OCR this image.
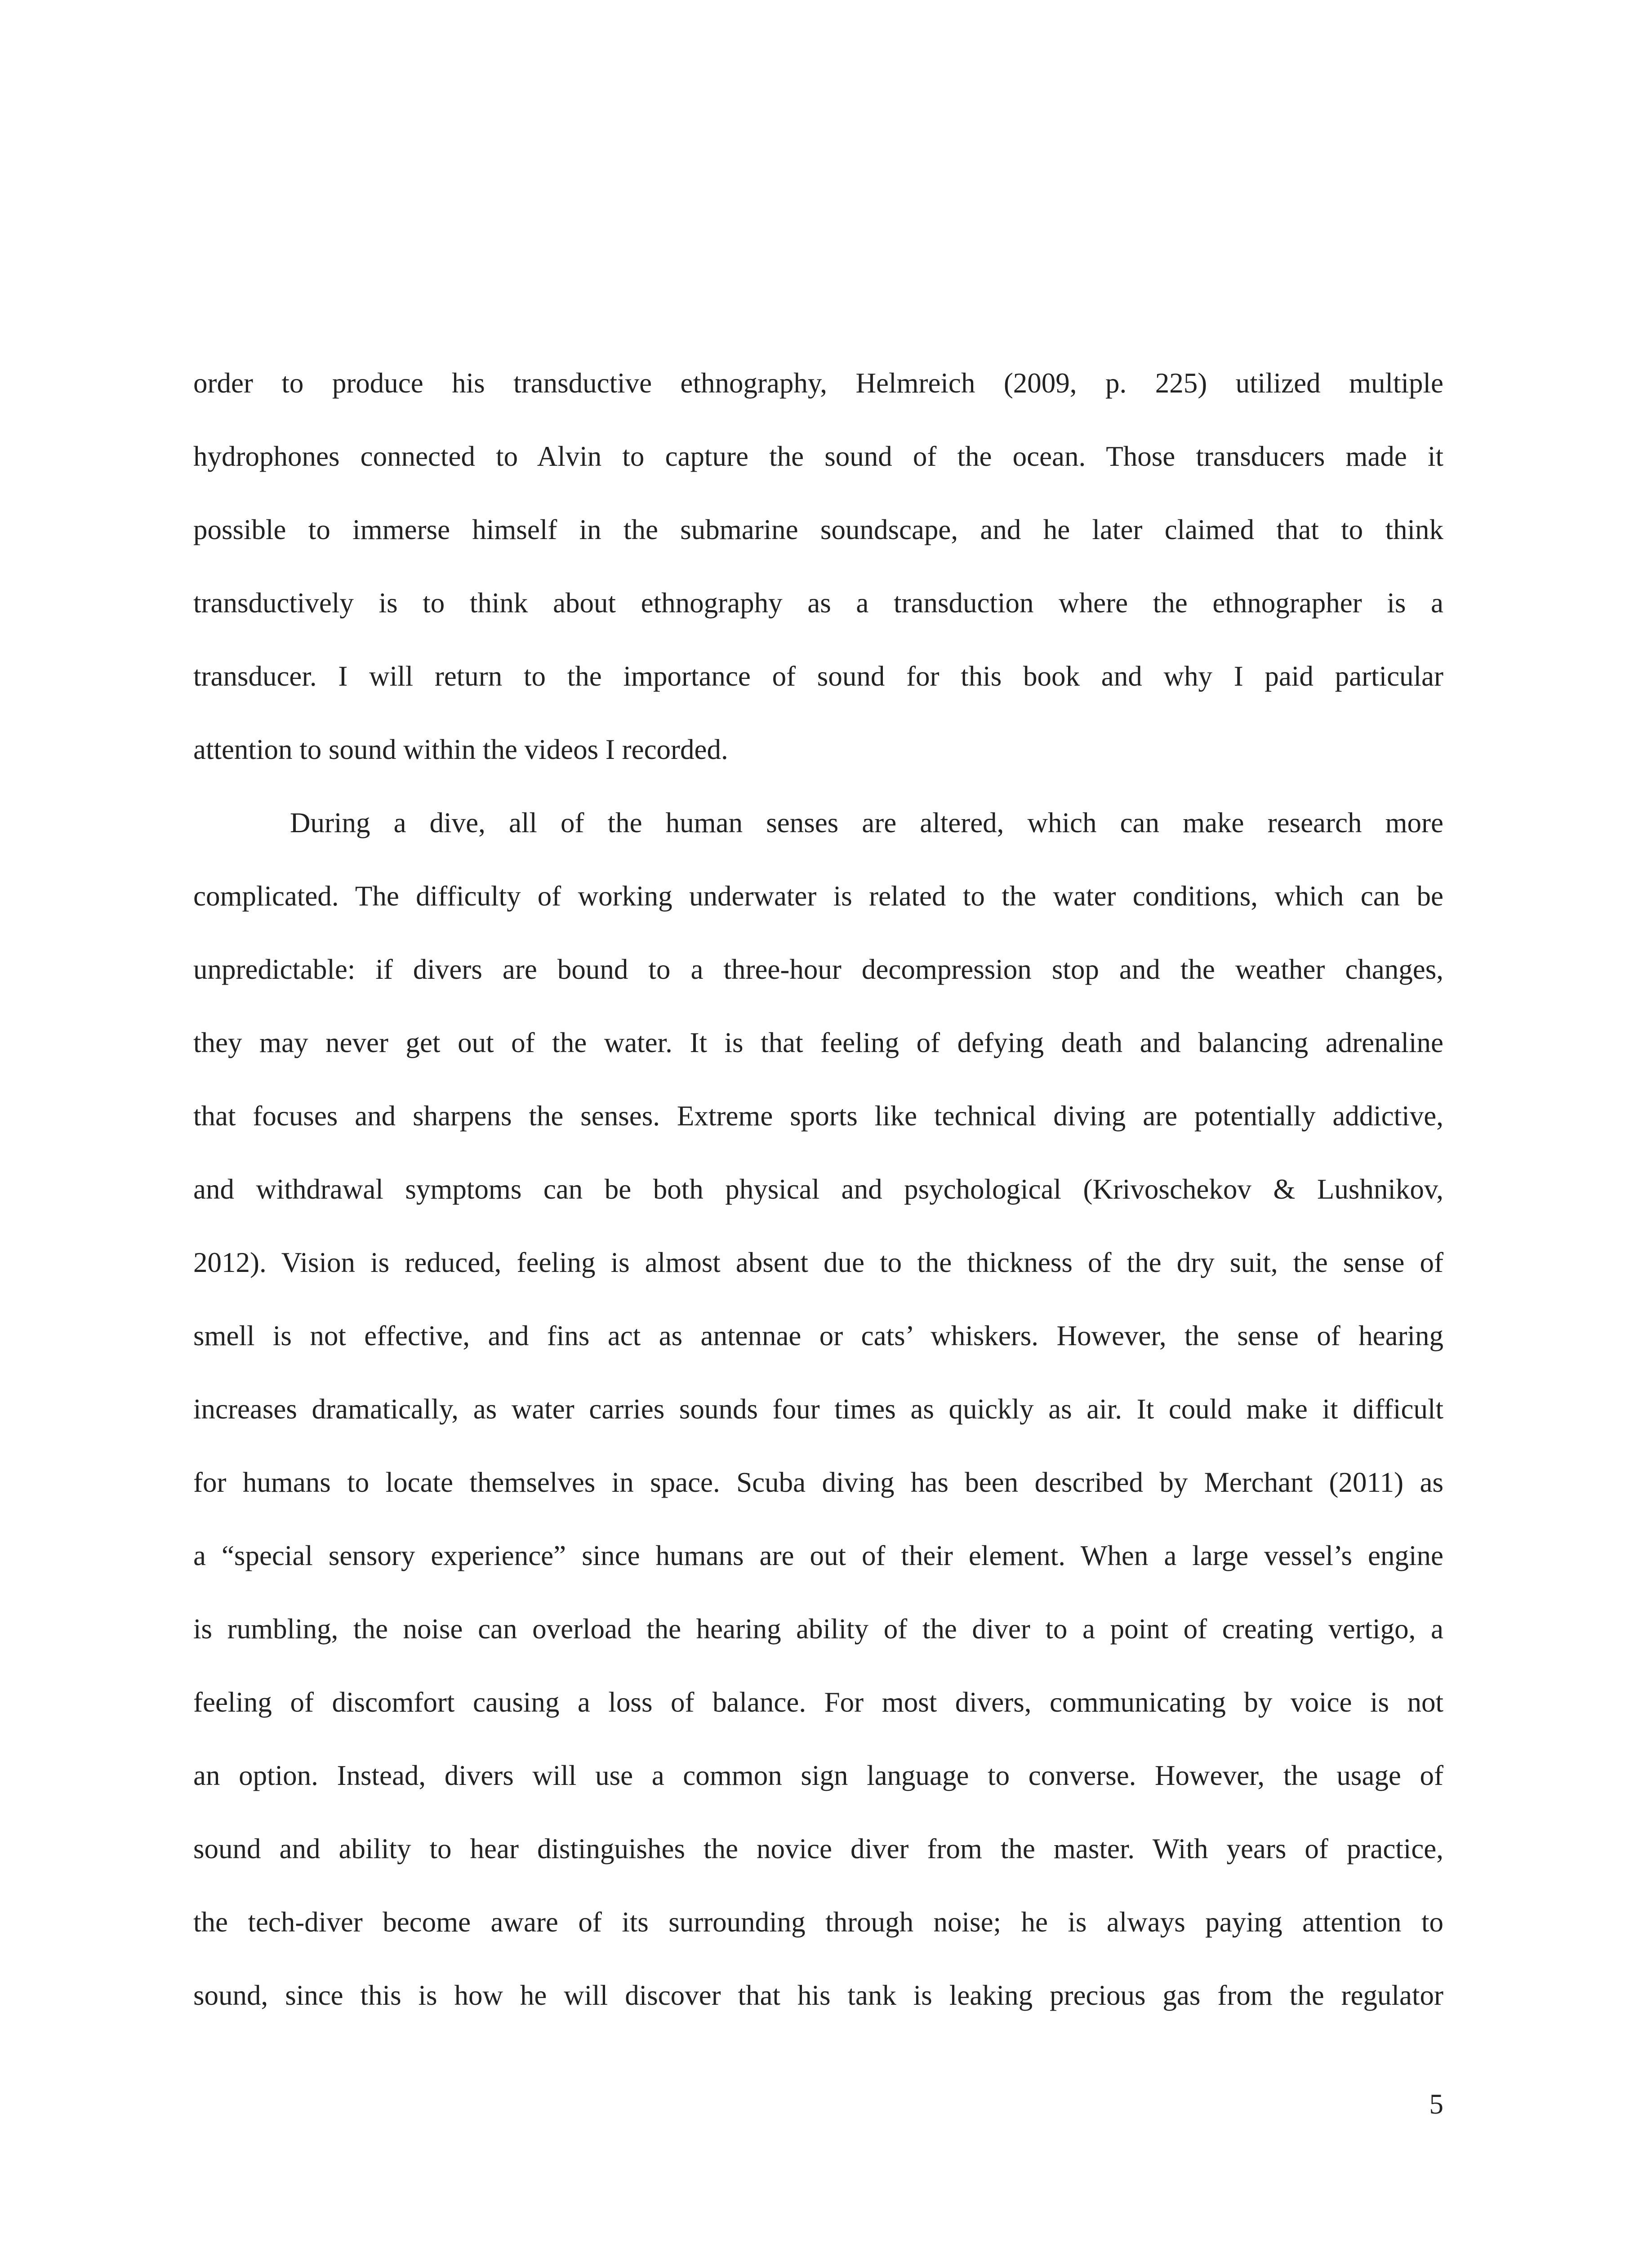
order to produce his transductive ethnography, Helmreich (2009, p. 225) utilized multiple
hydrophones connected to Alvin to capture the sound of the ocean. Those transducers made it
possible to immerse himself in the submarine soundscape, and he later claimed that to think
transductively is to think about ethnography as a transduction where the ethnographer is a
transducer. I will return to the importance of sound for this book and why I paid particular
attention to sound within the videos I recorded.
During a dive, all of the human senses are altered, which can make research more
complicated. The difficulty of working underwater is related to the water conditions, which can be
unpredictable: if divers are bound to a three-hour decompression stop and the weather changes,
they may never get out of the water. It is that feeling of defying death and balancing adrenaline
that focuses and sharpens the senses. Extreme sports like technical diving are potentially addictive,
and withdrawal symptoms can be both physical and psychological (Krivoschekov & Lushnikov,
2012). Vision is reduced, feeling is almost absent due to the thickness of the dry suit, the sense of
smell is not effective, and fins act as antennae or cats’ whiskers. However, the sense of hearing
increases dramatically, as water carries sounds four times as quickly as air. It could make it difficult
for humans to locate themselves in space. Scuba diving has been described by Merchant (2011) as
a “special sensory experience” since humans are out of their element. When a large vessel’s engine
is rumbling, the noise can overload the hearing ability of the diver to a point of creating vertigo, a
feeling of discomfort causing a loss of balance. For most divers, communicating by voice is not
an option. Instead, divers will use a common sign language to converse. However, the usage of
sound and ability to hear distinguishes the novice diver from the master. With years of practice,
the tech-diver become aware of its surrounding through noise; he is always paying attention to
sound, since this is how he will discover that his tank is leaking precious gas from the regulator
5
